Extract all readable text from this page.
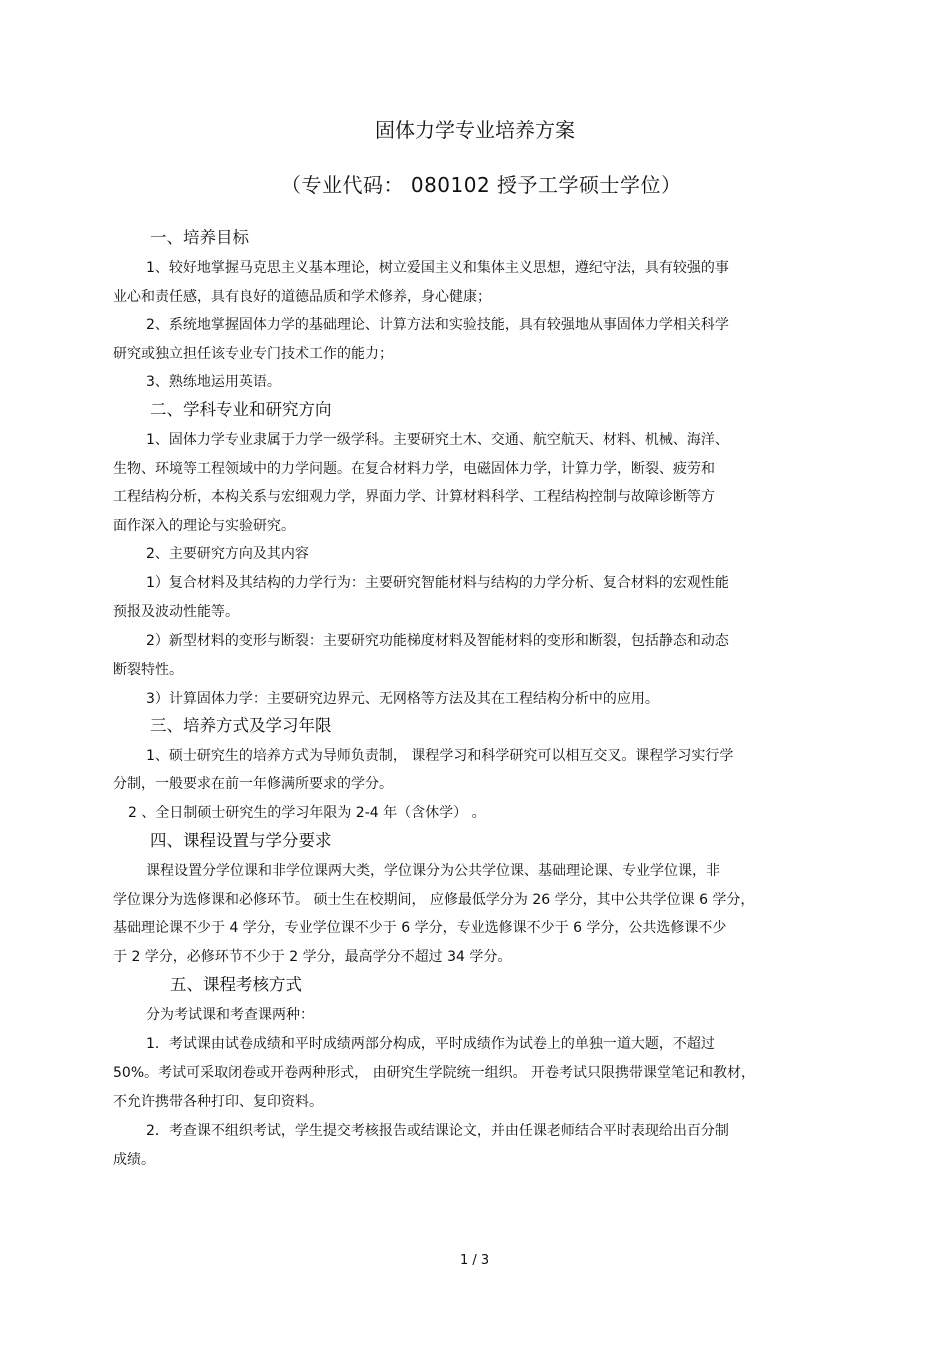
固体力学专业培养方案
（专业代码： 080102 授予工学硕士学位）
一、培养目标
1、较好地掌握马克思主义基本理论，树立爱国主义和集体主义思想，遵纪守法，具有较强的事
业心和责任感，具有良好的道德品质和学术修养，身心健康；
2、系统地掌握固体力学的基础理论、计算方法和实验技能，具有较强地从事固体力学相关科学
研究或独立担任该专业专门技术工作的能力；
3、熟练地运用英语。
二、学科专业和研究方向
1、固体力学专业隶属于力学一级学科。主要研究土木、交通、航空航天、材料、机械、海洋、
生物、环境等工程领域中的力学问题。在复合材料力学，电磁固体力学，计算力学，断裂、疲劳和
工程结构分析，本构关系与宏细观力学，界面力学、计算材料科学、工程结构控制与故障诊断等方
面作深入的理论与实验研究。
2、主要研究方向及其内容
1）复合材料及其结构的力学行为：主要研究智能材料与结构的力学分析、复合材料的宏观性能
预报及波动性能等。
2）新型材料的变形与断裂：主要研究功能梯度材料及智能材料的变形和断裂，包括静态和动态
断裂特性。
3）计算固体力学：主要研究边界元、无网格等方法及其在工程结构分析中的应用。
三、培养方式及学习年限
1、硕士研究生的培养方式为导师负责制， 课程学习和科学研究可以相互交叉。课程学习实行学
分制，一般要求在前一年修满所要求的学分。
2 、全日制硕士研究生的学习年限为 2-4 年（含休学） 。
四、课程设置与学分要求
课程设置分学位课和非学位课两大类，学位课分为公共学位课、基础理论课、专业学位课，非
学位课分为选修课和必修环节。 硕士生在校期间， 应修最低学分为 26 学分，其中公共学位课 6 学分，
基础理论课不少于 4 学分，专业学位课不少于 6 学分，专业选修课不少于 6 学分，公共选修课不少
于 2 学分，必修环节不少于 2 学分，最高学分不超过 34 学分。
五、课程考核方式
分为考试课和考查课两种：
1．考试课由试卷成绩和平时成绩两部分构成，平时成绩作为试卷上的单独一道大题，不超过
50%。考试可采取闭卷或开卷两种形式， 由研究生学院统一组织。 开卷考试只限携带课堂笔记和教材，
不允许携带各种打印、复印资料。
2．考查课不组织考试，学生提交考核报告或结课论文，并由任课老师结合平时表现给出百分制
成绩。
1 / 3
